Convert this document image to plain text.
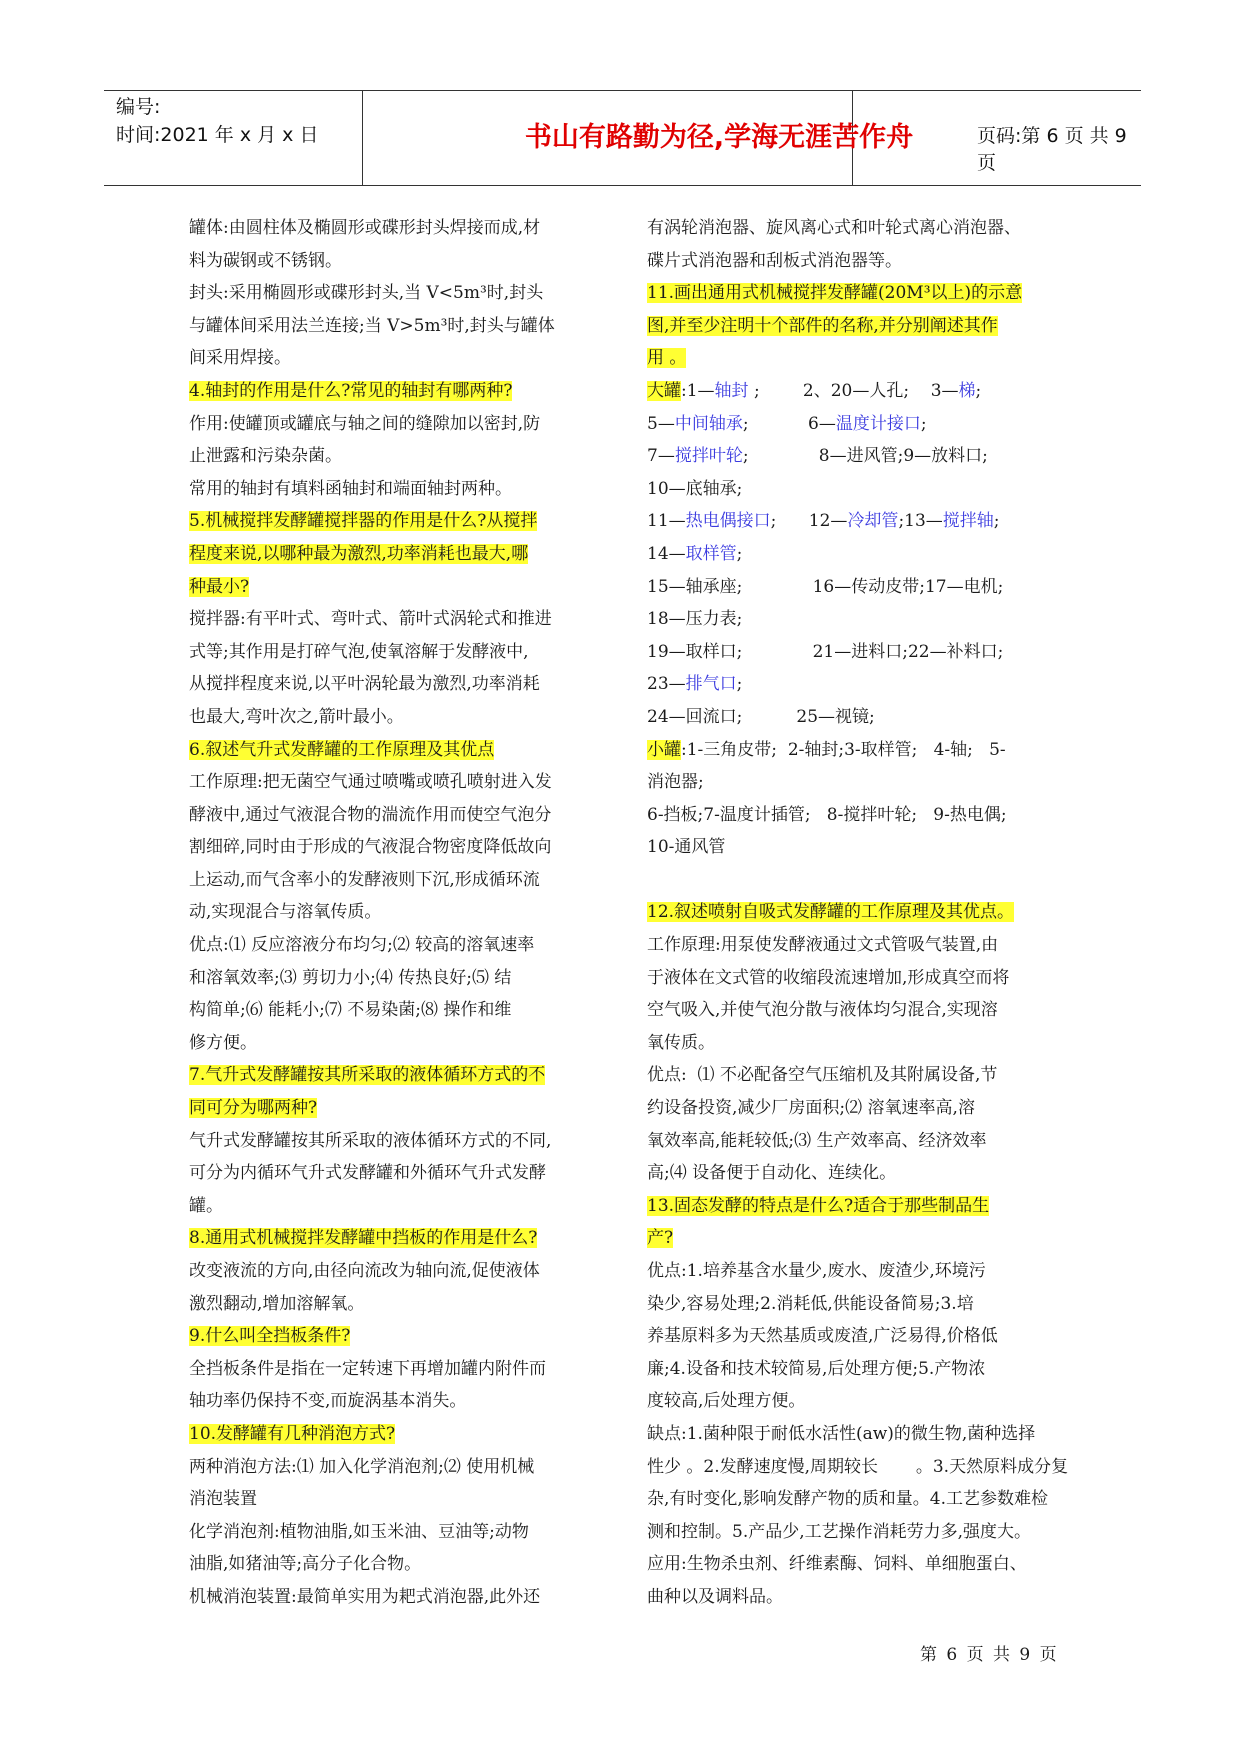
编号:
时间:2021 年 x 月 x 日	书山有路勤为径,学海无涯苦作舟	页码:第 6 页 共 9 页
罐体:由圆柱体及椭圆形或碟形封头焊接而成,材
料为碳钢或不锈钢。
封头:采用椭圆形或碟形封头,当 V<5m³时,封头
与罐体间采用法兰连接;当 V>5m³时,封头与罐体
间采用焊接。
4.轴封的作用是什么?常见的轴封有哪两种?
作用:使罐顶或罐底与轴之间的缝隙加以密封,防
止泄露和污染杂菌。
常用的轴封有填料函轴封和端面轴封两种。
5.机械搅拌发酵罐搅拌器的作用是什么?从搅拌
程度来说,以哪种最为激烈,功率消耗也最大,哪
种最小?
搅拌器:有平叶式、弯叶式、箭叶式涡轮式和推进
式等;其作用是打碎气泡,使氧溶解于发酵液中,
从搅拌程度来说,以平叶涡轮最为激烈,功率消耗
也最大,弯叶次之,箭叶最小。
6.叙述气升式发酵罐的工作原理及其优点
工作原理:把无菌空气通过喷嘴或喷孔喷射进入发
酵液中,通过气液混合物的湍流作用而使空气泡分
割细碎,同时由于形成的气液混合物密度降低故向
上运动,而气含率小的发酵液则下沉,形成循环流
动,实现混合与溶氧传质。
优点:⑴ 反应溶液分布均匀;⑵ 较高的溶氧速率
和溶氧效率;⑶ 剪切力小;⑷ 传热良好;⑸ 结
构简单;⑹ 能耗小;⑺ 不易染菌;⑻ 操作和维
修方便。
7.气升式发酵罐按其所采取的液体循环方式的不
同可分为哪两种?
气升式发酵罐按其所采取的液体循环方式的不同,
可分为内循环气升式发酵罐和外循环气升式发酵
罐。
8.通用式机械搅拌发酵罐中挡板的作用是什么?
改变液流的方向,由径向流改为轴向流,促使液体
激烈翻动,增加溶解氧。
9.什么叫全挡板条件?
全挡板条件是指在一定转速下再增加罐内附件而
轴功率仍保持不变,而旋涡基本消失。
10.发酵罐有几种消泡方式?
两种消泡方法:⑴ 加入化学消泡剂;⑵ 使用机械
消泡装置
化学消泡剂:植物油脂,如玉米油、豆油等;动物
油脂,如猪油等;高分子化合物。
机械消泡装置:最简单实用为耙式消泡器,此外还
有涡轮消泡器、旋风离心式和叶轮式离心消泡器、
碟片式消泡器和刮板式消泡器等。
11.画出通用式机械搅拌发酵罐(20M³以上)的示意
图,并至少注明十个部件的名称,并分别阐述其作
用 。
大罐:1—轴封 ;        2、20—人孔;    3—梯;
5—中间轴承;           6—温度计接口;
7—搅拌叶轮;             8—进风管;9—放料口;
10—底轴承;
11—热电偶接口;      12—冷却管;13—搅拌轴;
14—取样管;
15—轴承座;             16—传动皮带;17—电机;
18—压力表;
19—取样口;             21—进料口;22—补料口;
23—排气口;
24—回流口;          25—视镜;
小罐:1-三角皮带;  2-轴封;3-取样管;   4-轴;   5-
消泡器;
6-挡板;7-温度计插管;   8-搅拌叶轮;   9-热电偶;
10-通风管
12.叙述喷射自吸式发酵罐的工作原理及其优点。
工作原理:用泵使发酵液通过文式管吸气装置,由
于液体在文式管的收缩段流速增加,形成真空而将
空气吸入,并使气泡分散与液体均匀混合,实现溶
氧传质。
优点:  ⑴ 不必配备空气压缩机及其附属设备,节
约设备投资,减少厂房面积;⑵ 溶氧速率高,溶
氧效率高,能耗较低;⑶ 生产效率高、经济效率
高;⑷ 设备便于自动化、连续化。
13.固态发酵的特点是什么?适合于那些制品生
产?
优点:1.培养基含水量少,废水、废渣少,环境污
染少,容易处理;2.消耗低,供能设备简易;3.培
养基原料多为天然基质或废渣,广泛易得,价格低
廉;4.设备和技术较简易,后处理方便;5.产物浓
度较高,后处理方便。
缺点:1.菌种限于耐低水活性(aw)的微生物,菌种选择
性少 。2.发酵速度慢,周期较长       。3.天然原料成分复
杂,有时变化,影响发酵产物的质和量。4.工艺参数难检
测和控制。5.产品少,工艺操作消耗劳力多,强度大。
应用:生物杀虫剂、纤维素酶、饲料、单细胞蛋白、
曲种以及调料品。
第 6 页 共 9 页
